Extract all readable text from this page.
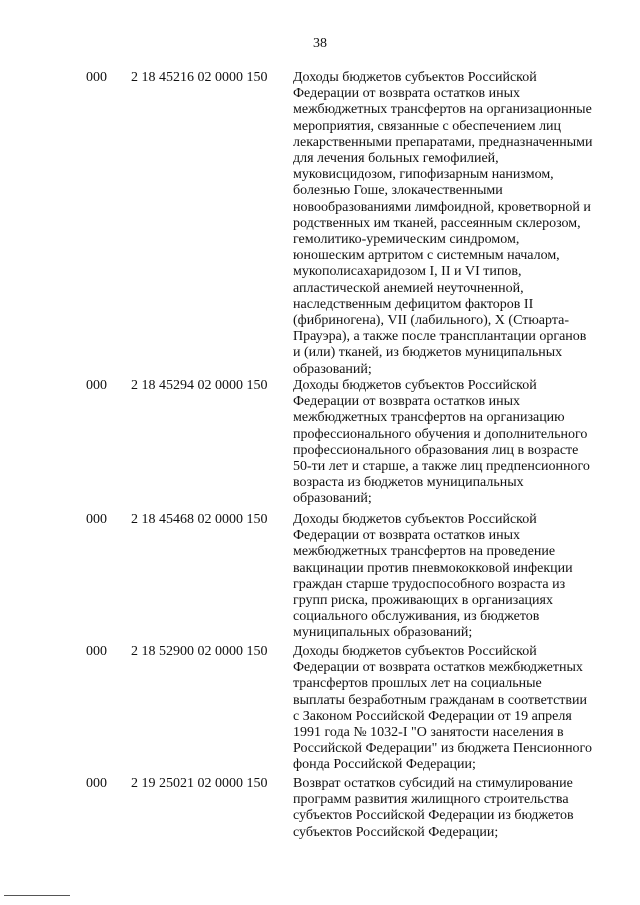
38
000	2 18 45216 02 0000 150	Доходы бюджетов субъектов Российской
Федерации от возврата остатков иных
межбюджетных трансфертов на организационные
мероприятия, связанные с обеспечением лиц
лекарственными препаратами, предназначенными
для лечения больных гемофилией,
муковисцидозом, гипофизарным нанизмом,
болезнью Гоше, злокачественными
новообразованиями лимфоидной, кроветворной и
родственных им тканей, рассеянным склерозом,
гемолитико-уремическим синдромом,
юношеским артритом с системным началом,
мукополисахаридозом I, II и VI типов,
апластической анемией неуточненной,
наследственным дефицитом факторов II
(фибриногена), VII (лабильного), X (Стюарта-
Прауэра), а также после трансплантации органов
и (или) тканей, из бюджетов муниципальных
образований;
000	2 18 45294 02 0000 150	Доходы бюджетов субъектов Российской
Федерации от возврата остатков иных
межбюджетных трансфертов на организацию
профессионального обучения и дополнительного
профессионального образования лиц в возрасте
50-ти лет и старше, а также лиц предпенсионного
возраста из бюджетов муниципальных
образований;
000	2 18 45468 02 0000 150	Доходы бюджетов субъектов Российской
Федерации от возврата остатков иных
межбюджетных трансфертов на проведение
вакцинации против пневмококковой инфекции
граждан старше трудоспособного возраста из
групп риска, проживающих в организациях
социального обслуживания, из бюджетов
муниципальных образований;
000	2 18 52900 02 0000 150	Доходы бюджетов субъектов Российской
Федерации от возврата остатков межбюджетных
трансфертов прошлых лет на социальные
выплаты безработным гражданам в соответствии
с Законом Российской Федерации от 19 апреля
1991 года № 1032-I "О занятости населения в
Российской Федерации" из бюджета Пенсионного
фонда Российской Федерации;
000	2 19 25021 02 0000 150	Возврат остатков субсидий на стимулирование
программ развития жилищного строительства
субъектов Российской Федерации из бюджетов
субъектов Российской Федерации;
